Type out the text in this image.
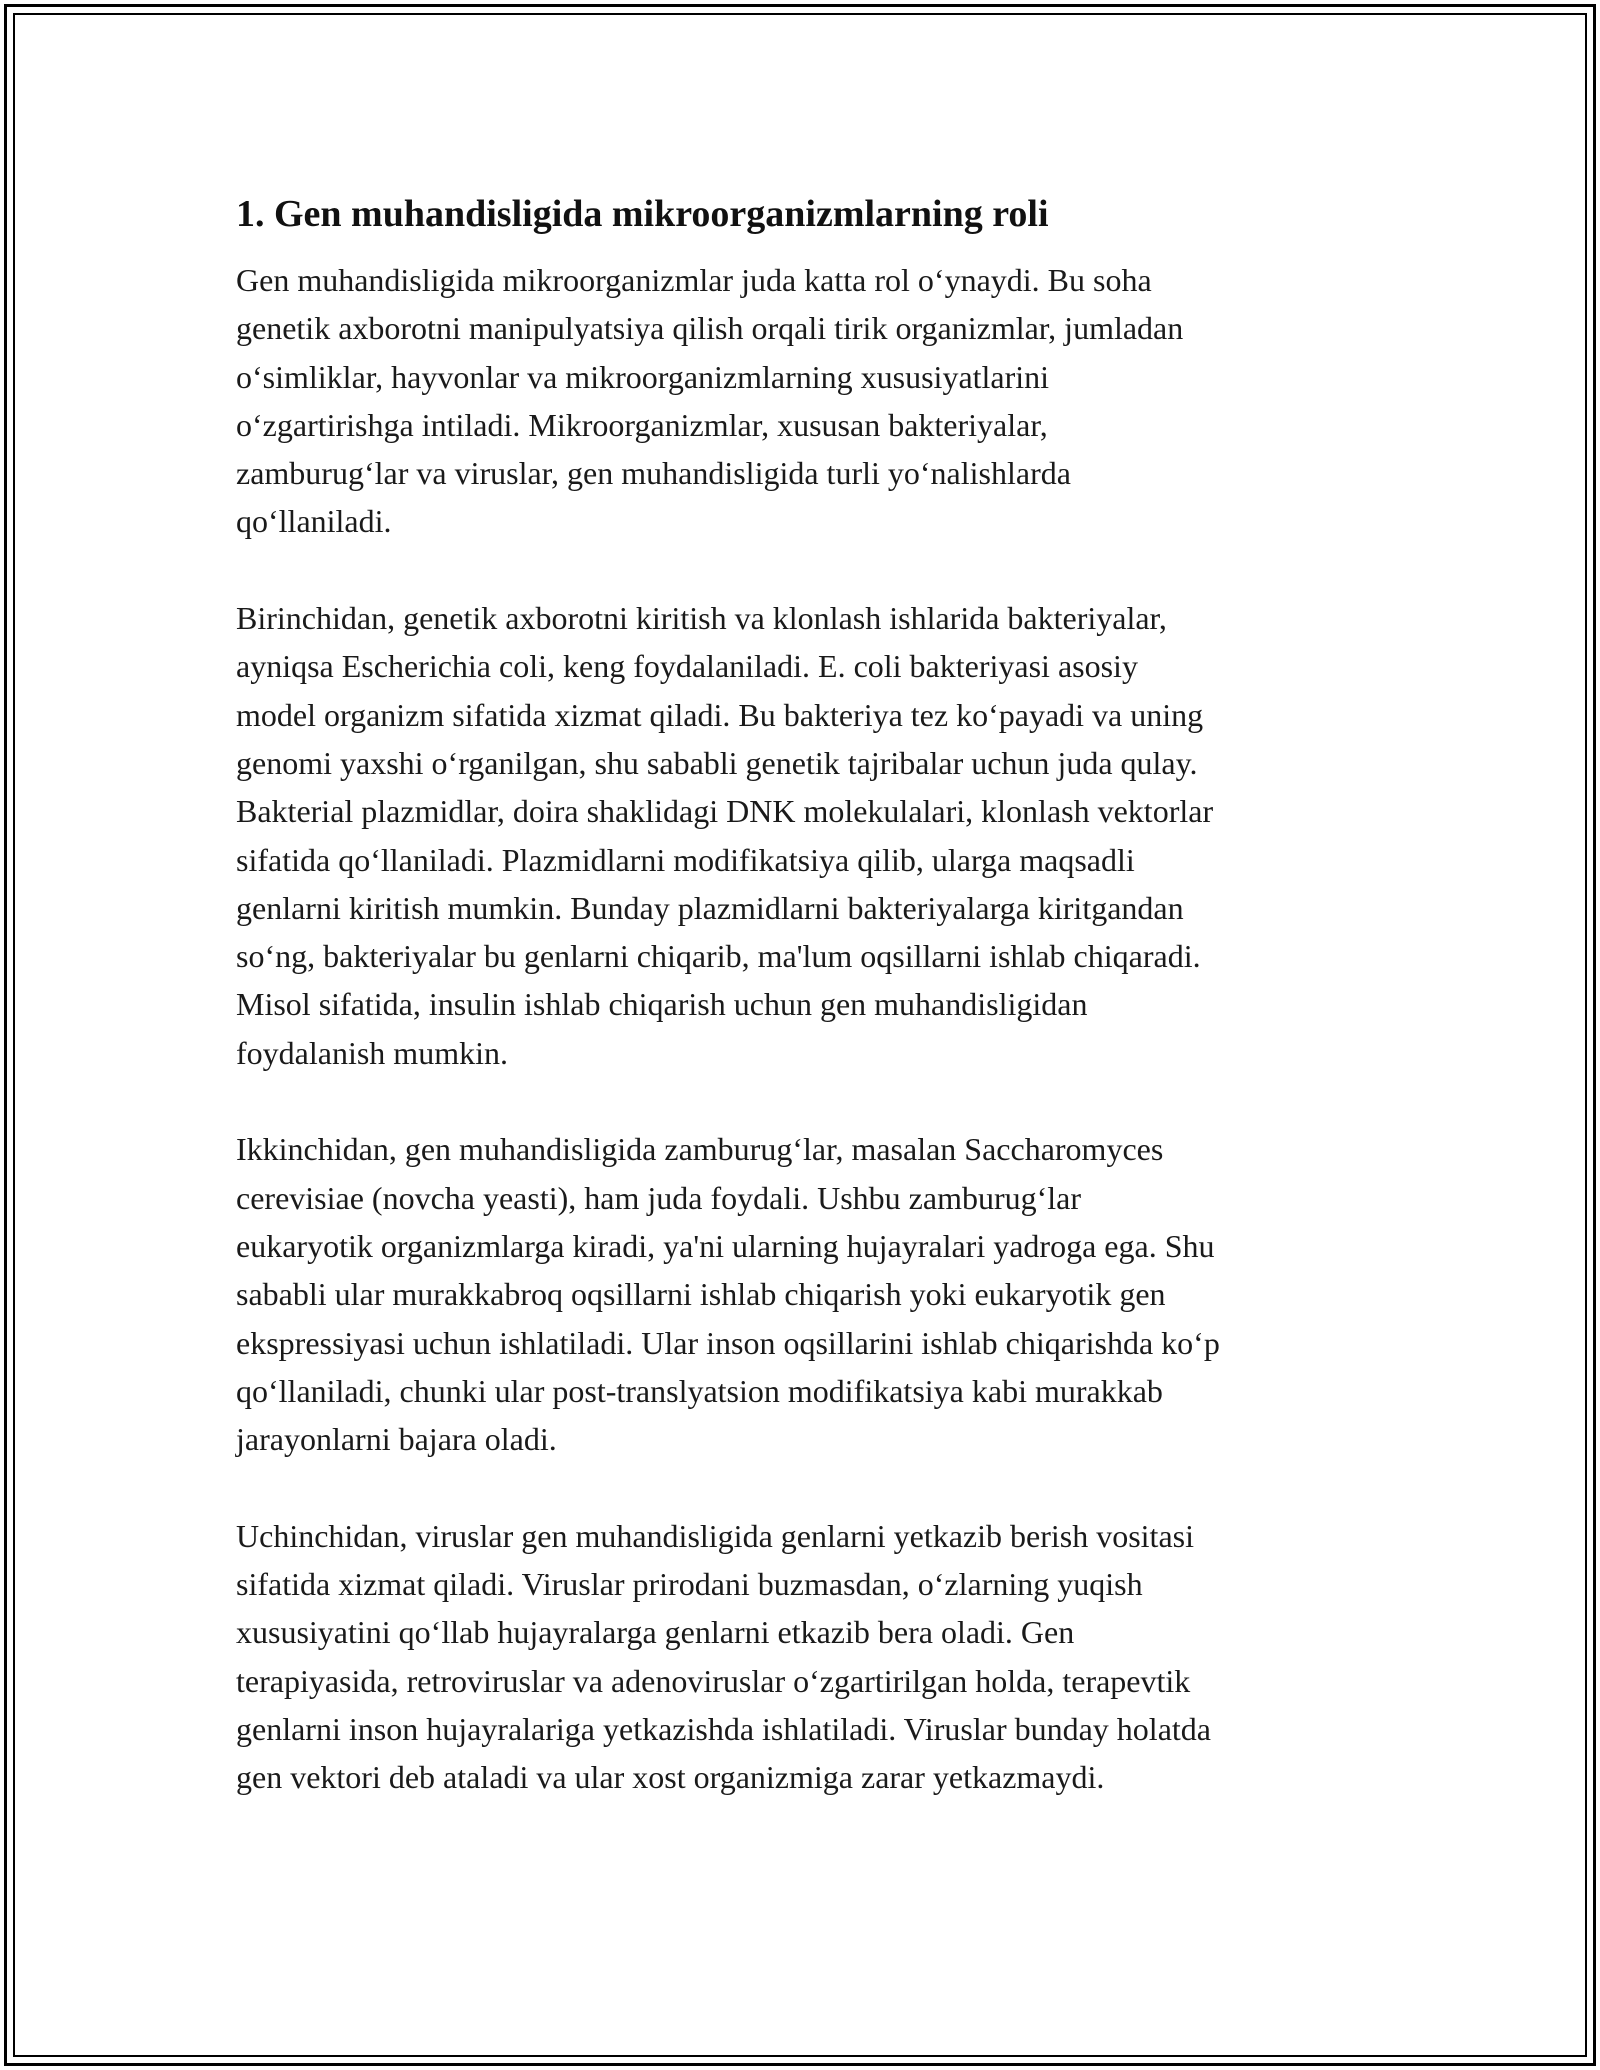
1. Gen muhandisligida mikroorganizmlarning roli

Gen muhandisligida mikroorganizmlar juda katta rol o‘ynaydi. Bu soha
genetik axborotni manipulyatsiya qilish orqali tirik organizmlar, jumladan
o‘simliklar, hayvonlar va mikroorganizmlarning xususiyatlarini
o‘zgartirishga intiladi. Mikroorganizmlar, xususan bakteriyalar,
zamburug‘lar va viruslar, gen muhandisligida turli yo‘nalishlarda
qo‘llaniladi.

Birinchidan, genetik axborotni kiritish va klonlash ishlarida bakteriyalar,
ayniqsa Escherichia coli, keng foydalaniladi. E. coli bakteriyasi asosiy
model organizm sifatida xizmat qiladi. Bu bakteriya tez ko‘payadi va uning
genomi yaxshi o‘rganilgan, shu sababli genetik tajribalar uchun juda qulay.
Bakterial plazmidlar, doira shaklidagi DNK molekulalari, klonlash vektorlar
sifatida qo‘llaniladi. Plazmidlarni modifikatsiya qilib, ularga maqsadli
genlarni kiritish mumkin. Bunday plazmidlarni bakteriyalarga kiritgandan
so‘ng, bakteriyalar bu genlarni chiqarib, ma'lum oqsillarni ishlab chiqaradi.
Misol sifatida, insulin ishlab chiqarish uchun gen muhandisligidan
foydalanish mumkin.

Ikkinchidan, gen muhandisligida zamburug‘lar, masalan Saccharomyces
cerevisiae (novcha yeasti), ham juda foydali. Ushbu zamburug‘lar
eukaryotik organizmlarga kiradi, ya'ni ularning hujayralari yadroga ega. Shu
sababli ular murakkabroq oqsillarni ishlab chiqarish yoki eukaryotik gen
ekspressiyasi uchun ishlatiladi. Ular inson oqsillarini ishlab chiqarishda ko‘p
qo‘llaniladi, chunki ular post-translyatsion modifikatsiya kabi murakkab
jarayonlarni bajara oladi.

Uchinchidan, viruslar gen muhandisligida genlarni yetkazib berish vositasi
sifatida xizmat qiladi. Viruslar prirodani buzmasdan, o‘zlarning yuqish
xususiyatini qo‘llab hujayralarga genlarni etkazib bera oladi. Gen
terapiyasida, retroviruslar va adenoviruslar o‘zgartirilgan holda, terapevtik
genlarni inson hujayralariga yetkazishda ishlatiladi. Viruslar bunday holatda
gen vektori deb ataladi va ular xost organizmiga zarar yetkazmaydi.
